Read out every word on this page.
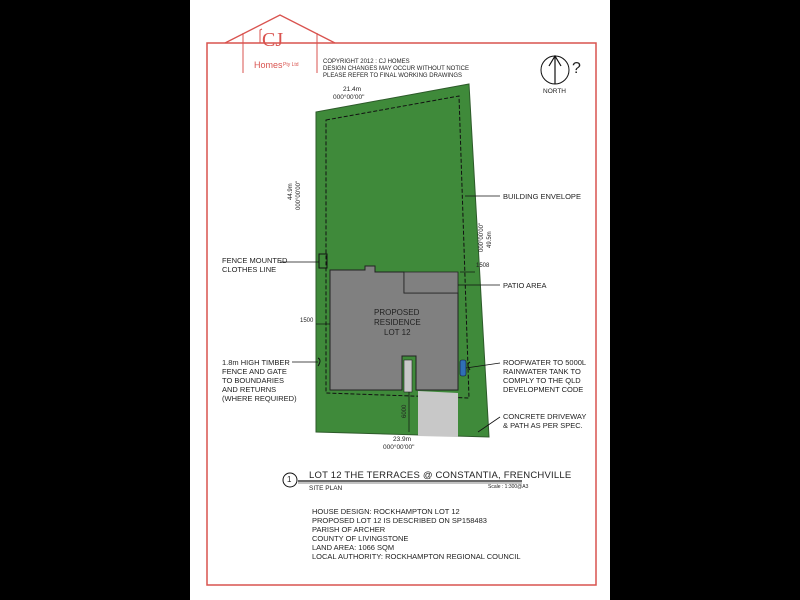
CJ
Homes Pty Ltd	COPYRIGHT 2012 : CJ HOMES
DESIGN CHANGES MAY OCCUR WITHOUT NOTICE
PLEASE REFER TO FINAL WORKING DRAWINGS	?
NORTH
21.4m
000°00'00"
44.9m 000°00'00"
49.5m
000°00'00"
23.9m
000°00'00"
1508
1500
6000
PROPOSED
RESIDENCE
LOT 12
BUILDING ENVELOPE
FENCE MOUNTED
CLOTHES LINE
PATIO AREA
1.8m HIGH TIMBER
FENCE AND GATE
TO BOUNDARIES
AND RETURNS
(WHERE REQUIRED)
ROOFWATER TO 5000L
RAINWATER TANK TO
COMPLY TO THE QLD
DEVELOPMENT CODE
CONCRETE DRIVEWAY
& PATH AS PER SPEC.
1 LOT 12 THE TERRACES @ CONSTANTIA, FRENCHVILLE
SITE PLAN	Scale : 1:300@A3
HOUSE DESIGN: ROCKHAMPTON LOT 12
PROPOSED LOT 12 IS DESCRIBED ON SP158483
PARISH OF ARCHER
COUNTY OF LIVINGSTONE
LAND AREA: 1066 SQM
LOCAL AUTHORITY: ROCKHAMPTON REGIONAL COUNCIL
